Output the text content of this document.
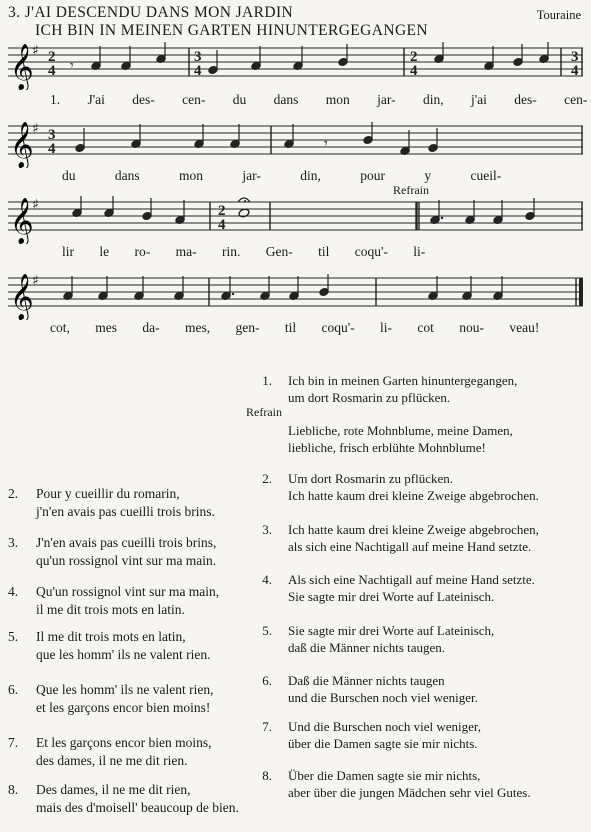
3. J'AI DESCENDU DANS MON JARDIN
ICH BIN IN MEINEN GARTEN HINUNTERGEGANGEN
Touraine
𝄞
♯ 2
4
3
4
2
4
3
4
𝄾
1. J'ai des- cen- du dans mon jar- din, j'ai des- cen-
𝄞
♯ 3
4	𝄾
du dans mon jar- din, pour y cueil-
Refrain
𝄞
♯	2
4
lir le ro- ma- rin. Gen- til coqu'- li-
𝄞
♯
cot, mes da- mes, gen- til coqu'- li- cot nou- veau!
Refrain
1. Ich bin in meinen Garten hinuntergegangen,
um dort Rosmarin zu pflücken.
Liebliche, rote Mohnblume, meine Damen,
liebliche, frisch erblühte Mohnblume!
2. Um dort Rosmarin zu pflücken.
Ich hatte kaum drei kleine Zweige abgebrochen.
3. Ich hatte kaum drei kleine Zweige abgebrochen,
als sich eine Nachtigall auf meine Hand setzte.
4. Als sich eine Nachtigall auf meine Hand setzte.
Sie sagte mir drei Worte auf Lateinisch.
5. Sie sagte mir drei Worte auf Lateinisch,
daß die Männer nichts taugen.
6. Daß die Männer nichts taugen
und die Burschen noch viel weniger.
7. Und die Burschen noch viel weniger,
über die Damen sagte sie mir nichts.
8. Über die Damen sagte sie mir nichts,
aber über die jungen Mädchen sehr viel Gutes.
2. Pour y cueillir du romarin,
j'n'en avais pas cueilli trois brins.
3. J'n'en avais pas cueilli trois brins,
qu'un rossignol vint sur ma main.
4. Qu'un rossignol vint sur ma main,
il me dit trois mots en latin.
5. Il me dit trois mots en latin,
que les homm' ils ne valent rien.
6. Que les homm' ils ne valent rien,
et les garçons encor bien moins!
7. Et les garçons encor bien moins,
des dames, il ne me dit rien.
8. Des dames, il ne me dit rien,
mais des d'moisell' beaucoup de bien.
